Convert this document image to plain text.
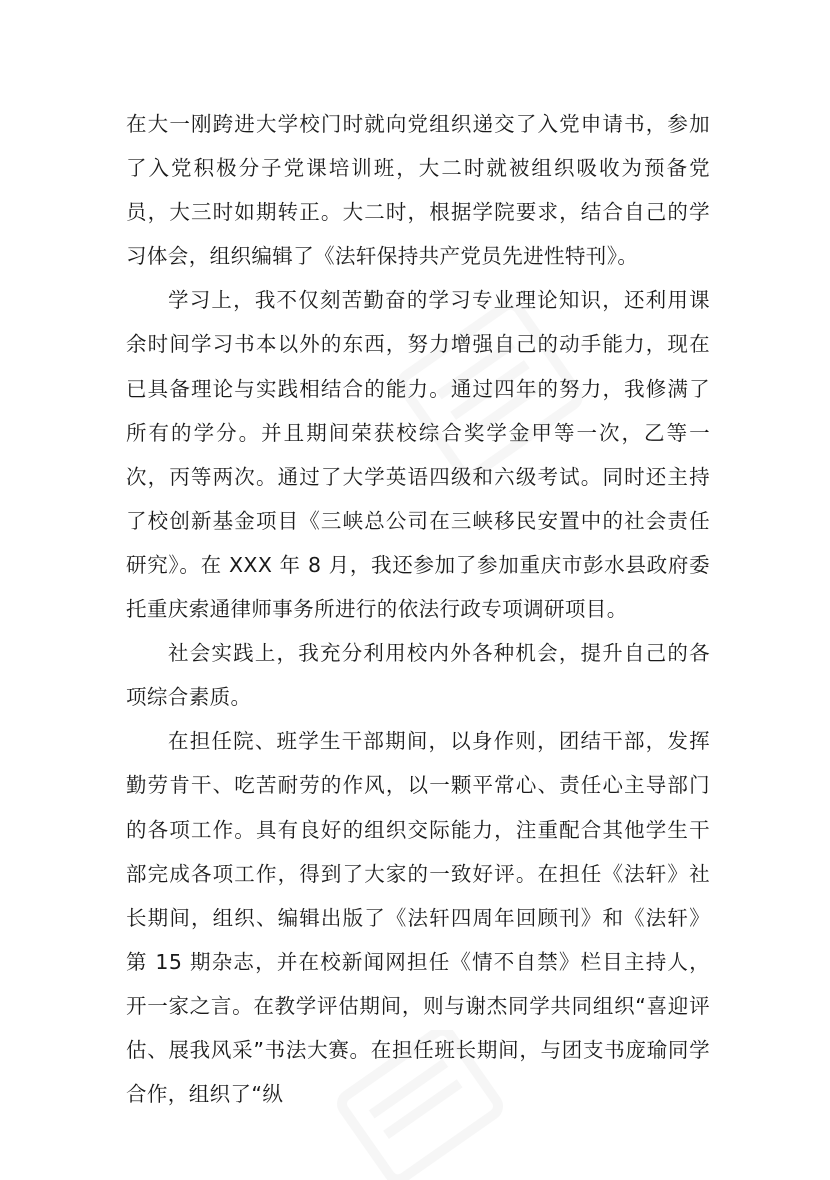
在大一刚跨进大学校门时就向党组织递交了入党申请书，参加了入党积极分子党课培训班，大二时就被组织吸收为预备党员，大三时如期转正。大二时，根据学院要求，结合自己的学习体会，组织编辑了《法轩保持共产党员先进性特刊》。

学习上，我不仅刻苦勤奋的学习专业理论知识，还利用课余时间学习书本以外的东西，努力增强自己的动手能力，现在已具备理论与实践相结合的能力。通过四年的努力，我修满了所有的学分。并且期间荣获校综合奖学金甲等一次，乙等一次，丙等两次。通过了大学英语四级和六级考试。同时还主持了校创新基金项目《三峡总公司在三峡移民安置中的社会责任研究》。在 XXX 年 8 月，我还参加了参加重庆市彭水县政府委托重庆索通律师事务所进行的依法行政专项调研项目。

社会实践上，我充分利用校内外各种机会，提升自己的各项综合素质。

在担任院、班学生干部期间，以身作则，团结干部，发挥勤劳肯干、吃苦耐劳的作风，以一颗平常心、责任心主导部门的各项工作。具有良好的组织交际能力，注重配合其他学生干部完成各项工作，得到了大家的一致好评。在担任《法轩》社长期间，组织、编辑出版了《法轩四周年回顾刊》和《法轩》第 15 期杂志，并在校新闻网担任《情不自禁》栏目主持人，开一家之言。在教学评估期间，则与谢杰同学共同组织“喜迎评估、展我风采”书法大赛。在担任班长期间，与团支书庞瑜同学合作，组织了“纵
